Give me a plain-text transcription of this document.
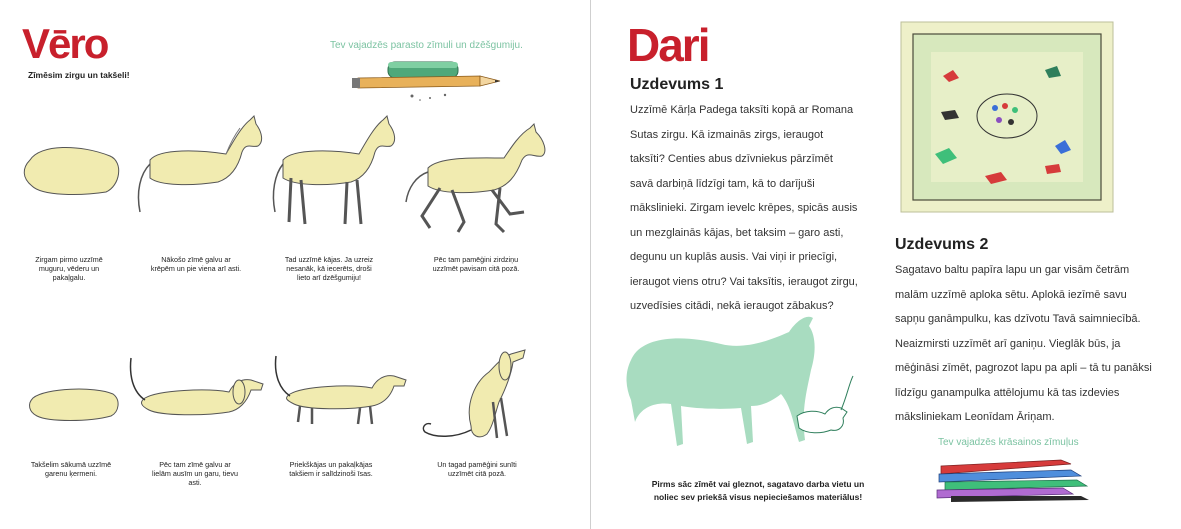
Vēro
Zīmēsim zirgu un takšeli!
Tev vajadzēs parasto zīmuli un dzēšgumiju.
Zirgam pirmo uzzīmē muguru, vēderu un pakaļgalu.
Nākošo zīmē galvu ar krēpēm un pie viena arī asti.
Tad uzzīmē kājas. Ja uzreiz nesanāk, kā iecerēts, droši lieto arī dzēšgumiju!
Pēc tam pamēģini zirdziņu uzzīmēt pavisam citā pozā.
Takšelim sākumā uzzīmē garenu ķermeni.
Pēc tam zīmē galvu ar lielām ausīm un garu, tievu asti.
Priekškājas un pakaļkājas takšiem ir salīdzinoši īsas.
Un tagad pamēģini sunīti uzzīmēt citā pozā.
Dari
Uzdevums 1
Uzzīmē Kārļa Padega taksīti kopā ar Romana
Sutas zirgu. Kā izmainās zirgs, ieraugot
taksīti? Centies abus dzīvniekus pārzīmēt
savā darbiņā līdzīgi tam, kā to darījuši
mākslinieki. Zirgam ievelc krēpes, spicās ausis
un mezglainās kājas, bet taksim – garo asti,
degunu un kuplās ausis. Vai viņi ir priecīgi,
ieraugot viens otru? Vai taksītis, ieraugot zirgu,
uzvedīsies citādi, nekā ieraugot zābakus?
Pirms sāc zīmēt vai gleznot, sagatavo darba vietu un
noliec sev priekšā visus nepieciešamos materiālus!
Uzdevums 2
Sagatavo baltu papīra lapu un gar visām četrām
malām uzzīmē aploka sētu. Aplokā iezīmē savu
sapņu ganāmpulku, kas dzīvotu Tavā saimniecībā.
Neaizmirsti uzzīmēt arī ganiņu. Vieglāk būs, ja
mēģināsi zīmēt, pagrozot lapu pa apli – tā tu panāksi
līdzīgu ganampulka attēlojumu kā tas izdevies
māksliniekam Leonīdam Āriņam.
Tev vajadzēs krāsainos zīmuļus
